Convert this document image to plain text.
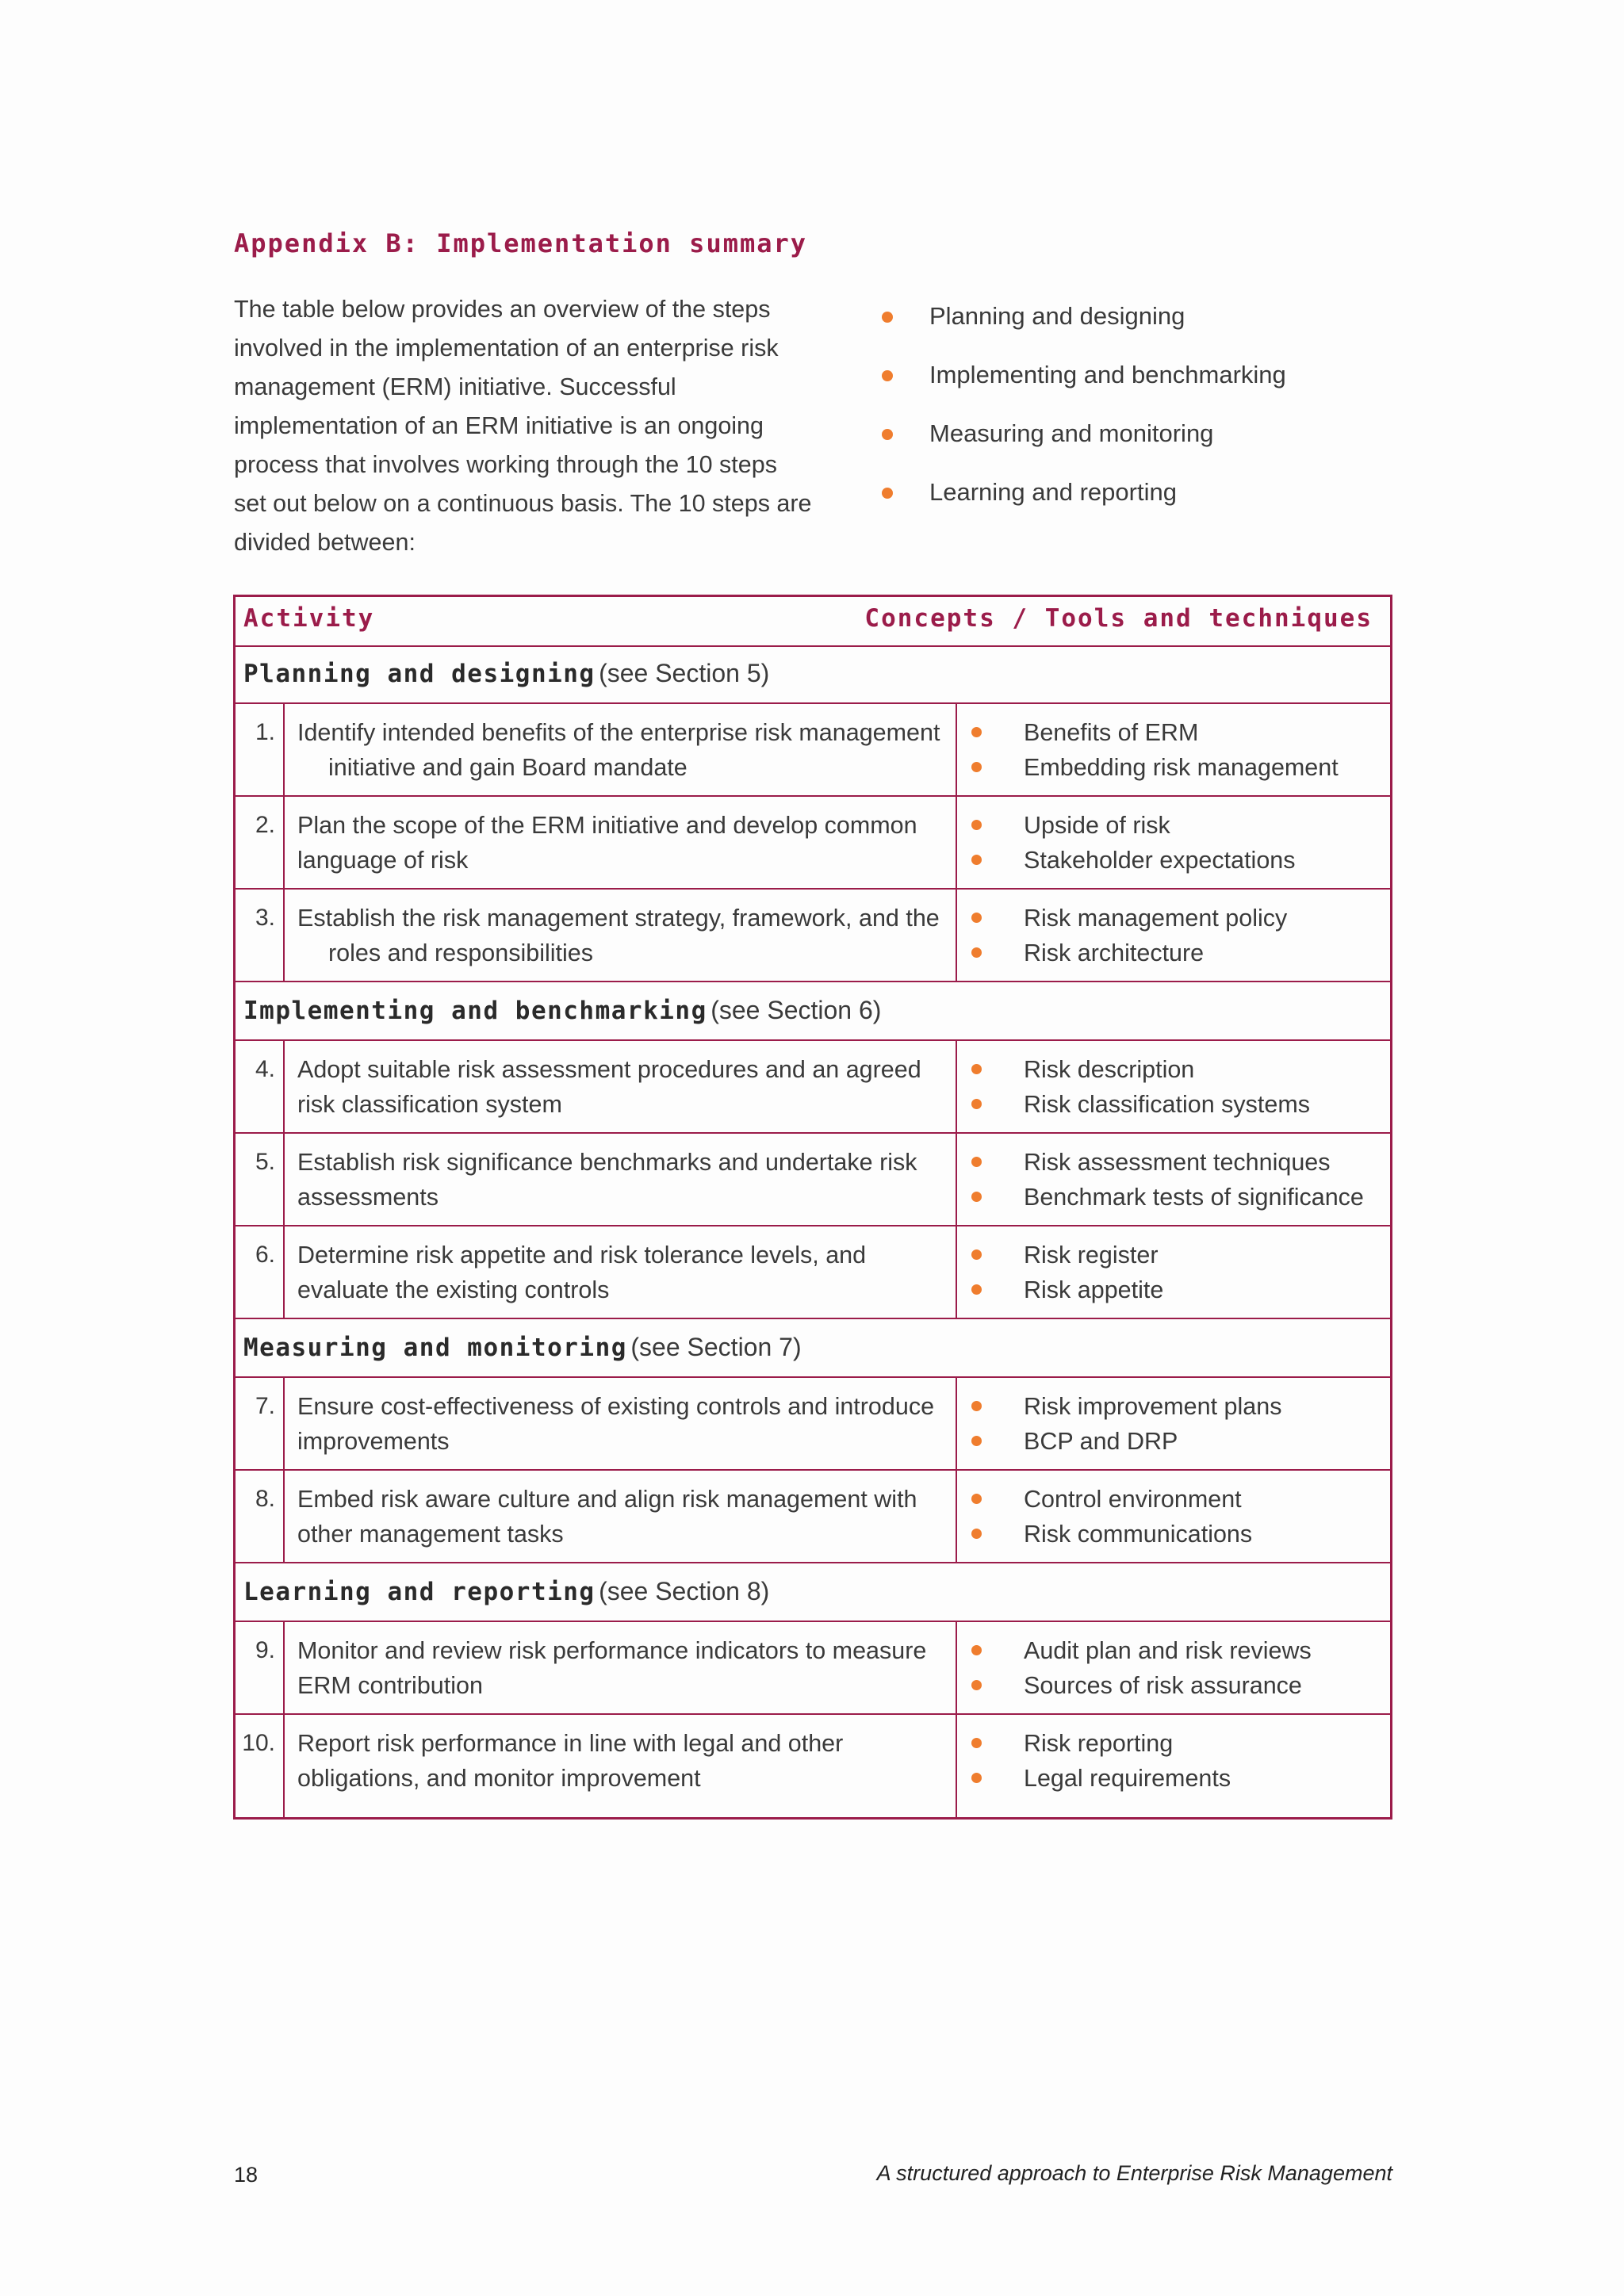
Appendix B: Implementation summary
The table below provides an overview of the steps involved in the implementation of an enterprise risk management (ERM) initiative. Successful implementation of an ERM initiative is an ongoing process that involves working through the 10 steps set out below on a continuous basis. The 10 steps are divided between:
Planning and designing
Implementing and benchmarking
Measuring and monitoring
Learning and reporting
Activity	Concepts / Tools and techniques
Planning and designing (see Section 5)
1. Identify intended benefits of the enterprise risk management initiative and gain Board mandate
Benefits of ERM
Embedding risk management
2. Plan the scope of the ERM initiative and develop common language of risk
Upside of risk
Stakeholder expectations
3. Establish the risk management strategy, framework, and the roles and responsibilities
Risk management policy
Risk architecture
Implementing and benchmarking (see Section 6)
4. Adopt suitable risk assessment procedures and an agreed risk classification system
Risk description
Risk classification systems
5. Establish risk significance benchmarks and undertake risk assessments
Risk assessment techniques
Benchmark tests of significance
6. Determine risk appetite and risk tolerance levels, and evaluate the existing controls
Risk register
Risk appetite
Measuring and monitoring (see Section 7)
7. Ensure cost-effectiveness of existing controls and introduce improvements
Risk improvement plans
BCP and DRP
8. Embed risk aware culture and align risk management with other management tasks
Control environment
Risk communications
Learning and reporting (see Section 8)
9. Monitor and review risk performance indicators to measure ERM contribution
Audit plan and risk reviews
Sources of risk assurance
10. Report risk performance in line with legal and other obligations, and monitor improvement
Risk reporting
Legal requirements
18	A structured approach to Enterprise Risk Management
